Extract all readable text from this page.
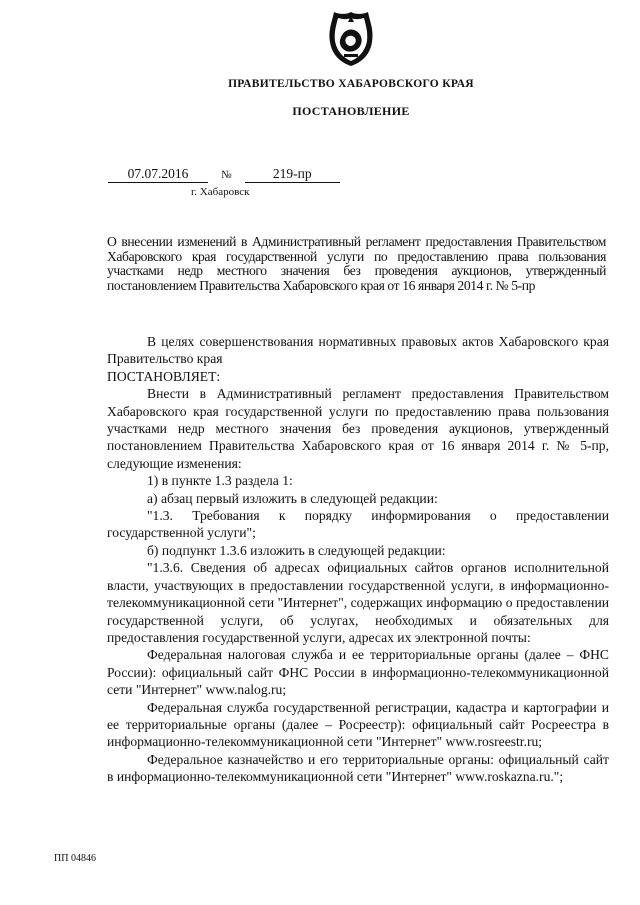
ПРАВИТЕЛЬСТВО ХАБАРОВСКОГО КРАЯ
ПОСТАНОВЛЕНИЕ
07.07.2016	№	219-пр
г. Хабаровск
О внесении изменений в Административный регламент предоставления Правительством Хабаровского края государственной услуги по предоставлению права пользования участками недр местного значения без проведения аукционов, утвержденный постановлением Правительства Хабаровского края от 16 января 2014 г. № 5-пр

В целях совершенствования нормативных правовых актов Хабаровского края Правительство края

ПОСТАНОВЛЯЕТ:

Внести в Административный регламент предоставления Правительством Хабаровского края государственной услуги по предоставлению права пользования участками недр местного значения без проведения аукционов, утвержденный постановлением Правительства Хабаровского края от 16 января 2014 г. № 5-пр, следующие изменения:

1) в пункте 1.3 раздела 1:

а) абзац первый изложить в следующей редакции:

"1.3. Требования к порядку информирования о предоставлении государственной услуги";

б) подпункт 1.3.6 изложить в следующей редакции:

"1.3.6. Сведения об адресах официальных сайтов органов исполнительной власти, участвующих в предоставлении государственной услуги, в информационно-телекоммуникационной сети "Интернет", содержащих информацию о предоставлении государственной услуги, об услугах, необходимых и обязательных для предоставления государственной услуги, адресах их электронной почты:

Федеральная налоговая служба и ее территориальные органы (далее – ФНС России): официальный сайт ФНС России в информационно-телекоммуникационной сети "Интернет" www.nalog.ru;

Федеральная служба государственной регистрации, кадастра и картографии и ее территориальные органы (далее – Росреестр): официальный сайт Росреестра в информационно-телекоммуникационной сети "Интернет" www.rosreestr.ru;

Федеральное казначейство и его территориальные органы: официальный сайт в информационно-телекоммуникационной сети "Интернет" www.roskazna.ru.";

ПП 04846
